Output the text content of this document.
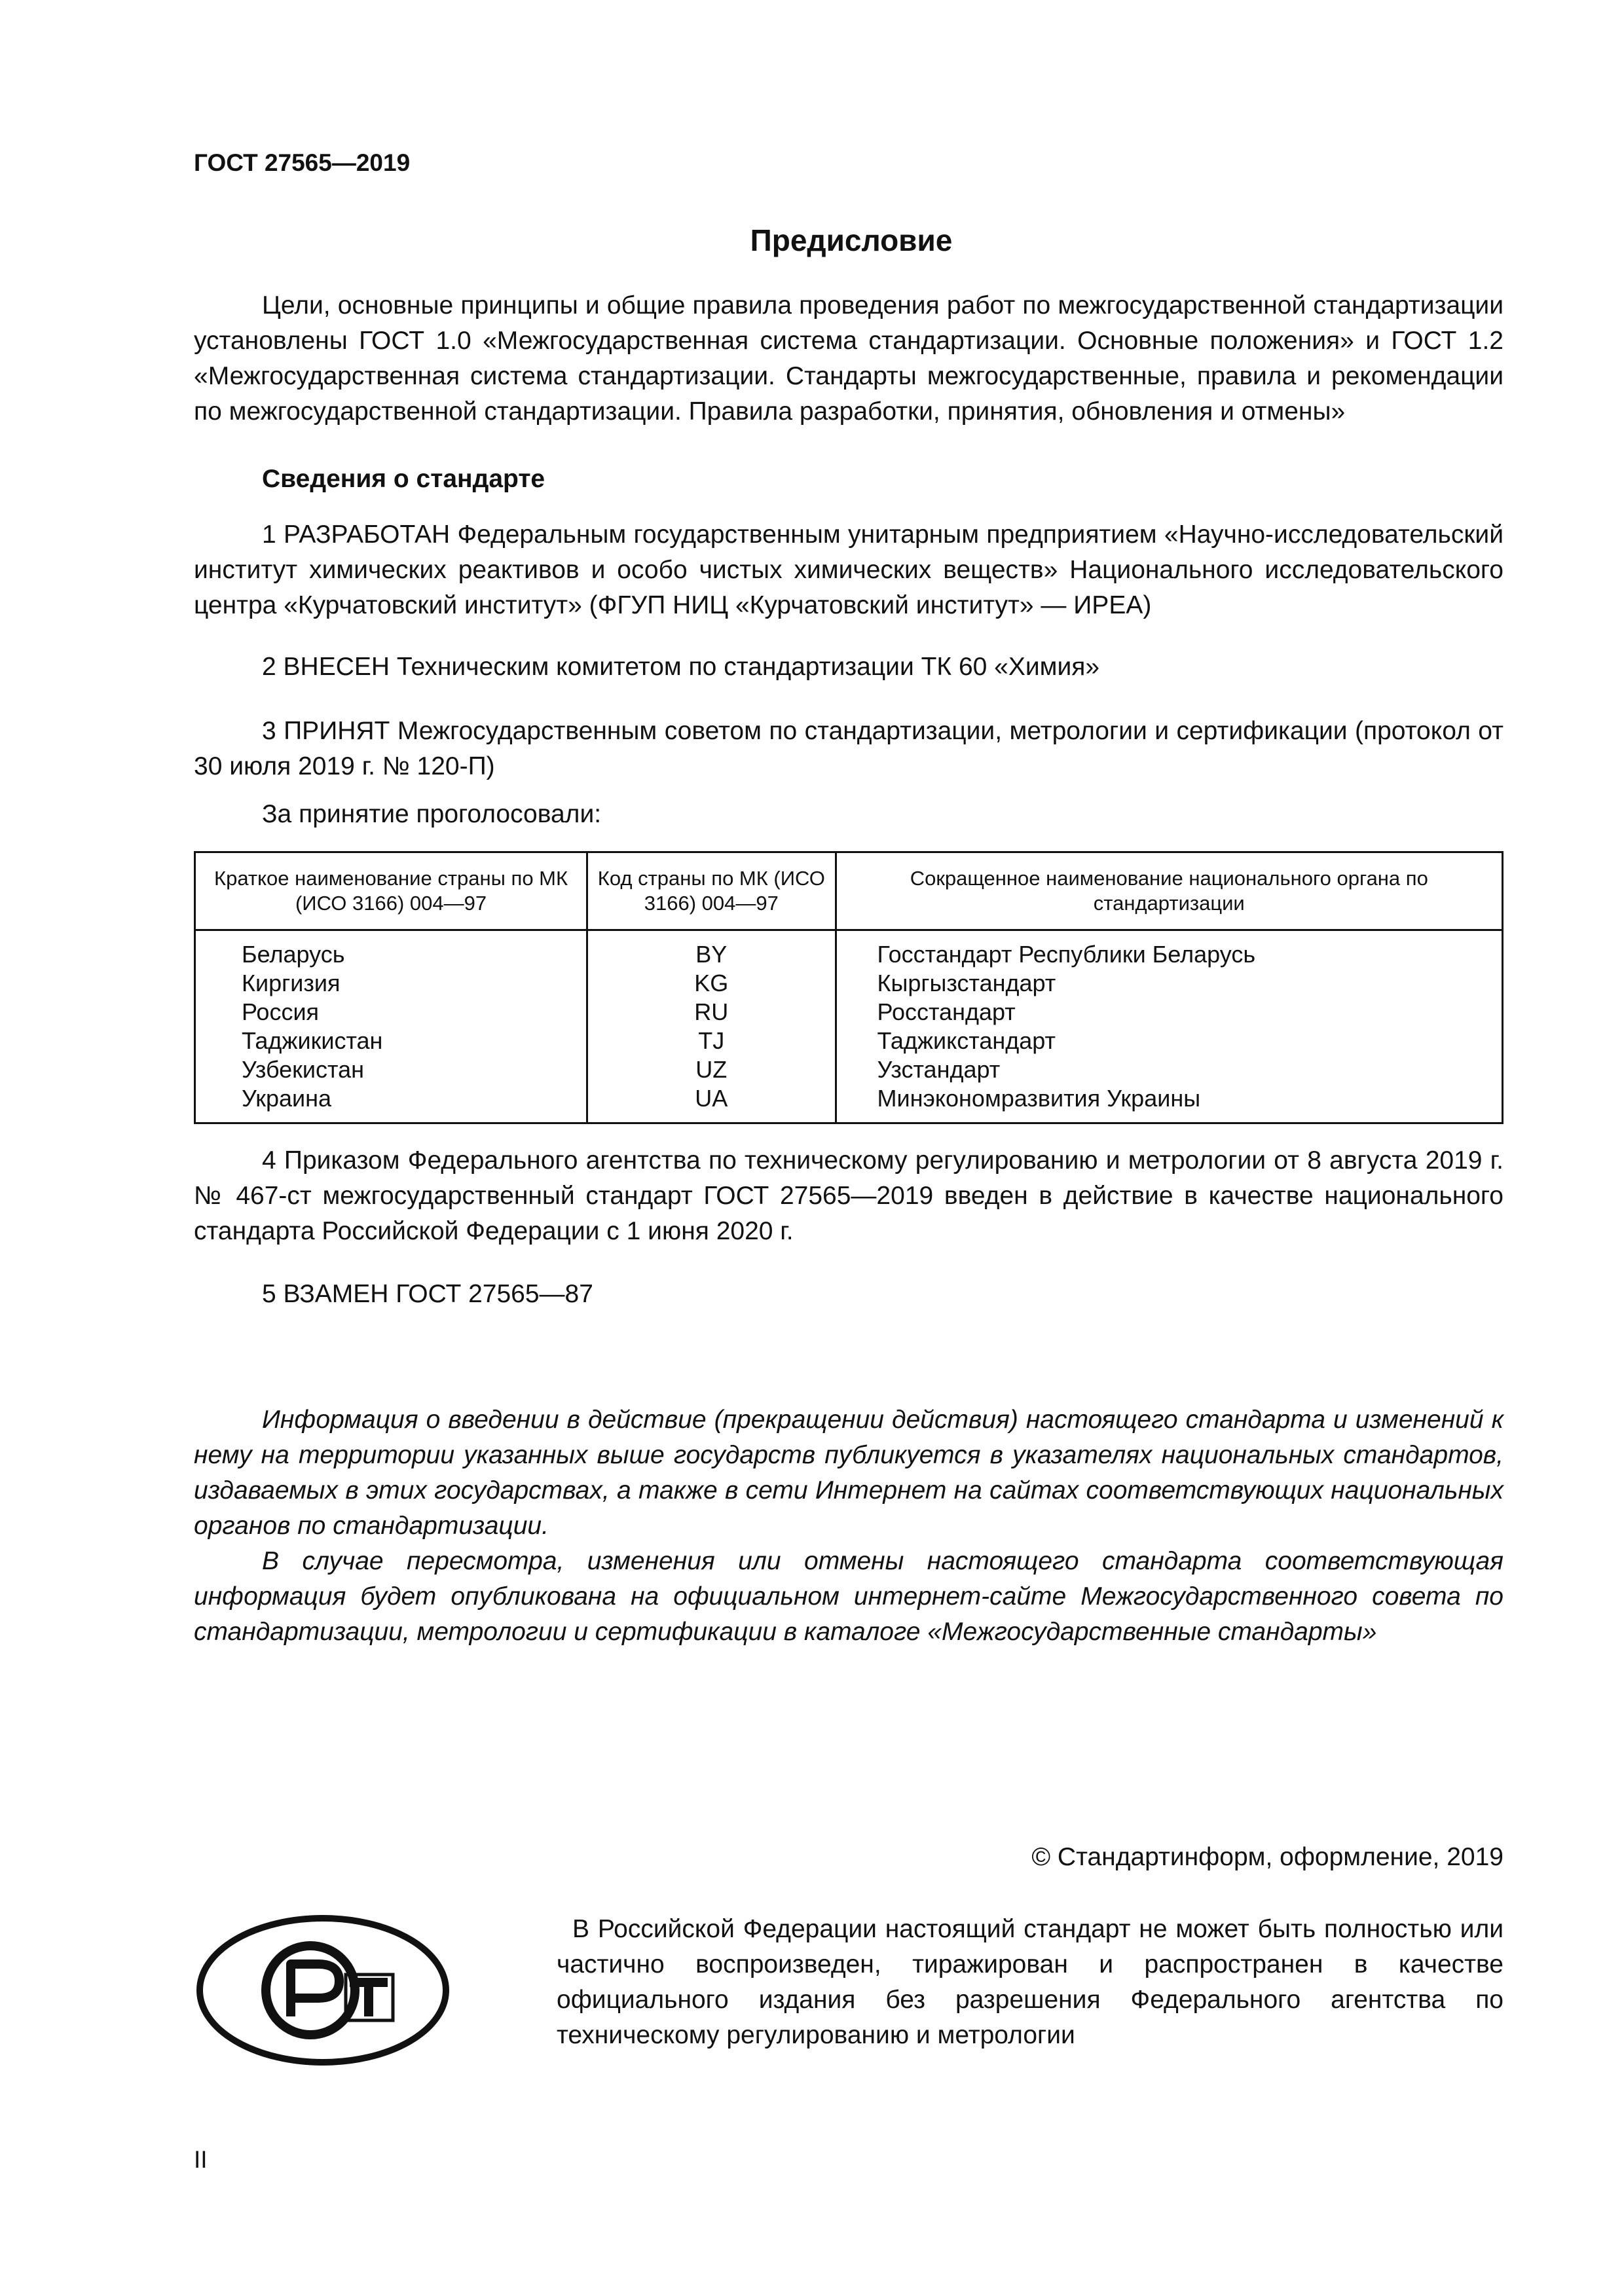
ГОСТ 27565—2019
Предисловие

Цели, основные принципы и общие правила проведения работ по межгосударственной стандартизации установлены ГОСТ 1.0 «Межгосударственная система стандартизации. Основные положения» и ГОСТ 1.2 «Межгосударственная система стандартизации. Стандарты межгосударственные, правила и рекомендации по межгосударственной стандартизации. Правила разработки, принятия, обновления и отмены»

Сведения о стандарте

1 РАЗРАБОТАН Федеральным государственным унитарным предприятием «Научно-исследовательский институт химических реактивов и особо чистых химических веществ» Национального исследовательского центра «Курчатовский институт» (ФГУП НИЦ «Курчатовский институт» — ИРЕА)

2 ВНЕСЕН Техническим комитетом по стандартизации ТК 60 «Химия»

3 ПРИНЯТ Межгосударственным советом по стандартизации, метрологии и сертификации (протокол от 30 июля 2019 г. № 120-П)

За принятие проголосовали:
Краткое наименование страны по МК (ИСО 3166) 004—97	Код страны по МК (ИСО 3166) 004—97	Сокращенное наименование национального органа по стандартизации
Беларусь	BY	Госстандарт Республики Беларусь
Киргизия	KG	Кыргызстандарт
Россия	RU	Росстандарт
Таджикистан	TJ	Таджикстандарт
Узбекистан	UZ	Узстандарт
Украина	UA	Минэкономразвития Украины

4 Приказом Федерального агентства по техническому регулированию и метрологии от 8 августа 2019 г. № 467-ст межгосударственный стандарт ГОСТ 27565—2019 введен в действие в качестве национального стандарта Российской Федерации с 1 июня 2020 г.

5 ВЗАМЕН ГОСТ 27565—87

Информация о введении в действие (прекращении действия) настоящего стандарта и изменений к нему на территории указанных выше государств публикуется в указателях национальных стандартов, издаваемых в этих государствах, а также в сети Интернет на сайтах соответствующих национальных органов по стандартизации.

В случае пересмотра, изменения или отмены настоящего стандарта соответствующая информация будет опубликована на официальном интернет-сайте Межгосударственного совета по стандартизации, метрологии и сертификации в каталоге «Межгосударственные стандарты»

© Стандартинформ, оформление, 2019

В Российской Федерации настоящий стандарт не может быть полностью или частично воспроизведен, тиражирован и распространен в качестве официального издания без разрешения Федерального агентства по техническому регулированию и метрологии

II
